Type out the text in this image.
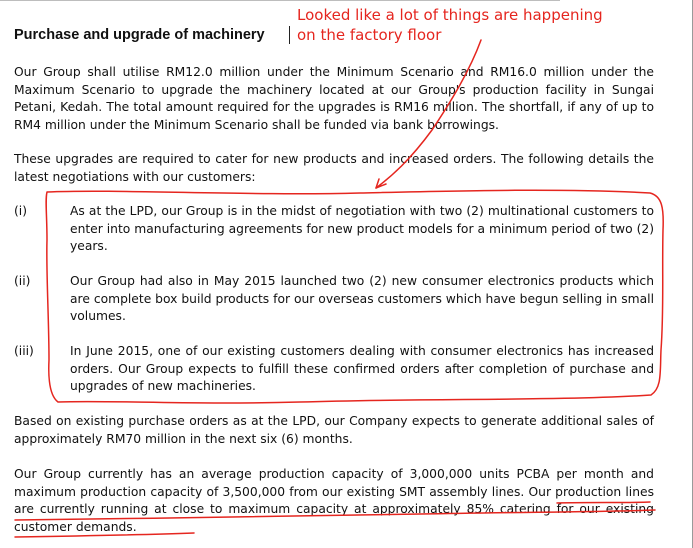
Purchase and upgrade of machinery
Looked like a lot of things are happening
on the factory floor
Our Group shall utilise RM12.0 million under the Minimum Scenario and RM16.0 million under the Maximum Scenario to upgrade the machinery located at our Group's production facility in Sungai Petani, Kedah. The total amount required for the upgrades is RM16 million. The shortfall, if any of up to RM4 million under the Minimum Scenario shall be funded via bank borrowings.
These upgrades are required to cater for new products and increased orders. The following details the latest negotiations with our customers:
(i)	As at the LPD, our Group is in the midst of negotiation with two (2) multinational customers to enter into manufacturing agreements for new product models for a minimum period of two (2) years.
(ii)	Our Group had also in May 2015 launched two (2) new consumer electronics products which are complete box build products for our overseas customers which have begun selling in small volumes.
(iii)	In June 2015, one of our existing customers dealing with consumer electronics has increased orders. Our Group expects to fulfill these confirmed orders after completion of purchase and upgrades of new machineries.
Based on existing purchase orders as at the LPD, our Company expects to generate additional sales of approximately RM70 million in the next six (6) months.
Our Group currently has an average production capacity of 3,000,000 units PCBA per month and maximum production capacity of 3,500,000 from our existing SMT assembly lines. Our production lines are currently running at close to maximum capacity at approximately 85% catering for our existing customer demands.
